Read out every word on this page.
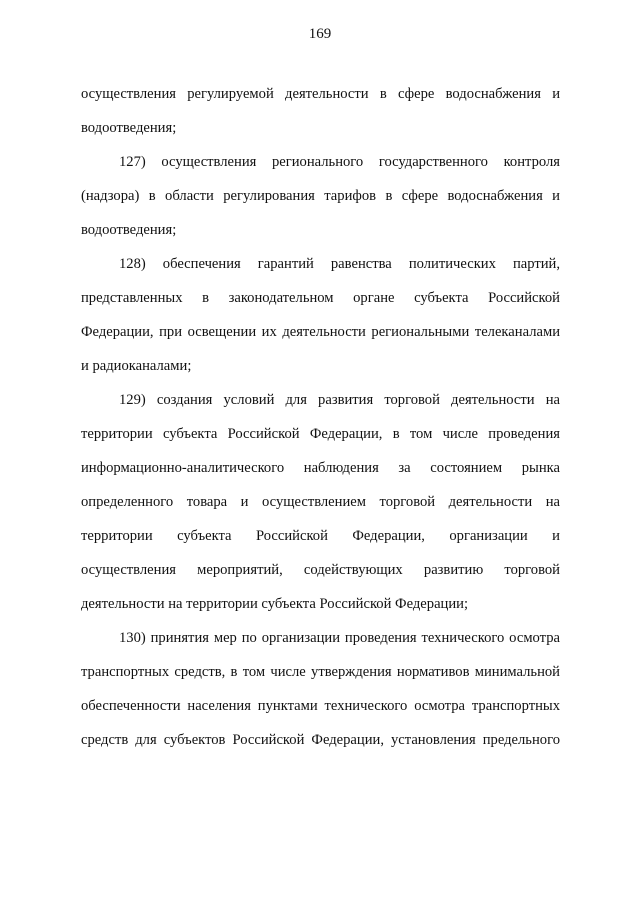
169
осуществления регулируемой деятельности в сфере водоснабжения и
водоотведения;
127) осуществления регионального государственного контроля
(надзора) в области регулирования тарифов в сфере водоснабжения и
водоотведения;
128) обеспечения гарантий равенства политических партий,
представленных в законодательном органе субъекта Российской
Федерации, при освещении их деятельности региональными телеканалами
и радиоканалами;
129) создания условий для развития торговой деятельности на
территории субъекта Российской Федерации, в том числе проведения
информационно-аналитического наблюдения за состоянием рынка
определенного товара и осуществлением торговой деятельности на
территории субъекта Российской Федерации, организации и
осуществления мероприятий, содействующих развитию торговой
деятельности на территории субъекта Российской Федерации;
130) принятия мер по организации проведения технического осмотра
транспортных средств, в том числе утверждения нормативов минимальной
обеспеченности населения пунктами технического осмотра транспортных
средств для субъектов Российской Федерации, установления предельного
